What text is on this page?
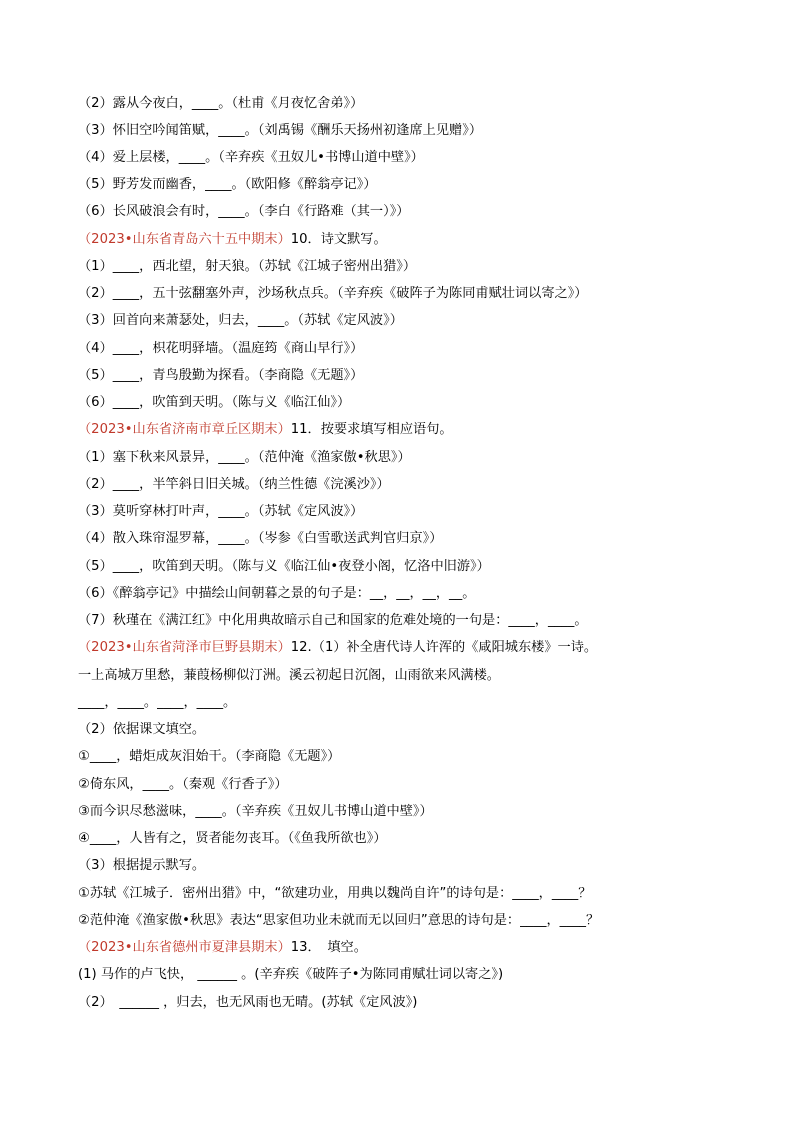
（2）露从今夜白，____。（杜甫《月夜忆舍弟》）
（3）怀旧空吟闻笛赋，____。（刘禹锡《酬乐天扬州初逢席上见赠》）
（4）爱上层楼，____。（辛弃疾《丑奴儿•书博山道中壁》）
（5）野芳发而幽香，____。（欧阳修《醉翁亭记》）
（6）长风破浪会有时，____。（李白《行路难（其一）》）
（2023•山东省青岛六十五中期末）10．诗文默写。
（1）____，西北望，射天狼。（苏轼《江城子密州出猎》）
（2）____，五十弦翻塞外声，沙场秋点兵。（辛弃疾《破阵子为陈同甫赋壮词以寄之》）
（3）回首向来萧瑟处，归去，____。（苏轼《定风波》）
（4）____，枳花明驿墙。（温庭筠《商山早行》）
（5）____，青鸟殷勤为探看。（李商隐《无题》）
（6）____，吹笛到天明。（陈与义《临江仙》）
（2023•山东省济南市章丘区期末）11．按要求填写相应语句。
（1）塞下秋来风景异，____。（范仲淹《渔家傲•秋思》）
（2）____，半竿斜日旧关城。（纳兰性德《浣溪沙》）
（3）莫听穿林打叶声，____。（苏轼《定风波》）
（4）散入珠帘湿罗幕，____。（岑参《白雪歌送武判官归京》）
（5）____，吹笛到天明。（陈与义《临江仙•夜登小阁，忆洛中旧游》）
（6）《醉翁亭记》中描绘山间朝暮之景的句子是：__，__，__，__。
（7）秋瑾在《满江红》中化用典故暗示自己和国家的危难处境的一句是：____，____。
（2023•山东省菏泽市巨野县期末）12.（1）补全唐代诗人许浑的《咸阳城东楼》一诗。
一上高城万里愁，蒹葭杨柳似汀洲。溪云初起日沉阁，山雨欲来风满楼。
____，____。____，____。
（2）依据课文填空。
①____，蜡炬成灰泪始干。（李商隐《无题》）
②倚东风，____。（秦观《行香子》）
③而今识尽愁滋味，____。（辛弃疾《丑奴儿书博山道中壁》）
④____，人皆有之，贤者能勿丧耳。（《鱼我所欲也》）
（3）根据提示默写。
①苏轼《江城子．密州出猎》中，“欲建功业，用典以魏尚自许”的诗句是：____，____？
②范仲淹《渔家傲•秋思》表达“思家但功业未就而无以回归”意思的诗句是：____，____？
（2023•山东省德州市夏津县期末）13．　填空。
(1) 马作的卢飞快， ______ 。(辛弃疾《破阵子•为陈同甫赋壮词以寄之》)
（2）　______ ，归去，也无风雨也无晴。(苏轼《定风波》)
